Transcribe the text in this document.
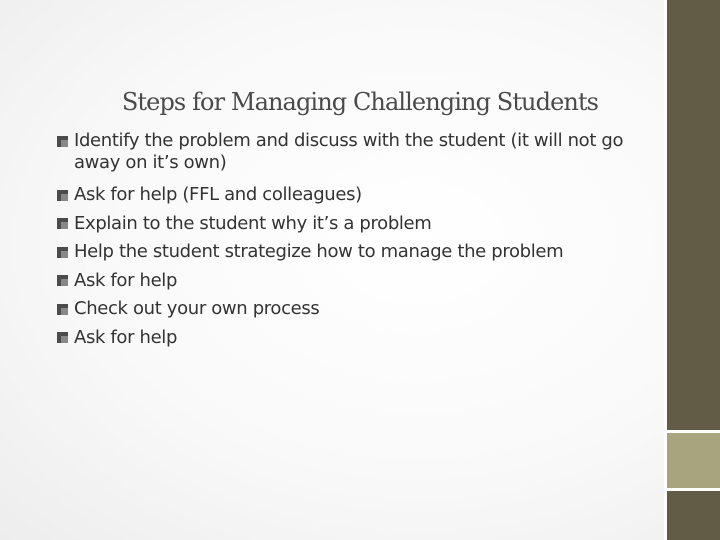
Steps for Managing Challenging Students
Identify the problem and discuss with the student (it will not go away on it’s own)
Ask for help (FFL and colleagues)
Explain to the student why it’s a problem
Help the student strategize how to manage the problem
Ask for help
Check out your own process
Ask for help
